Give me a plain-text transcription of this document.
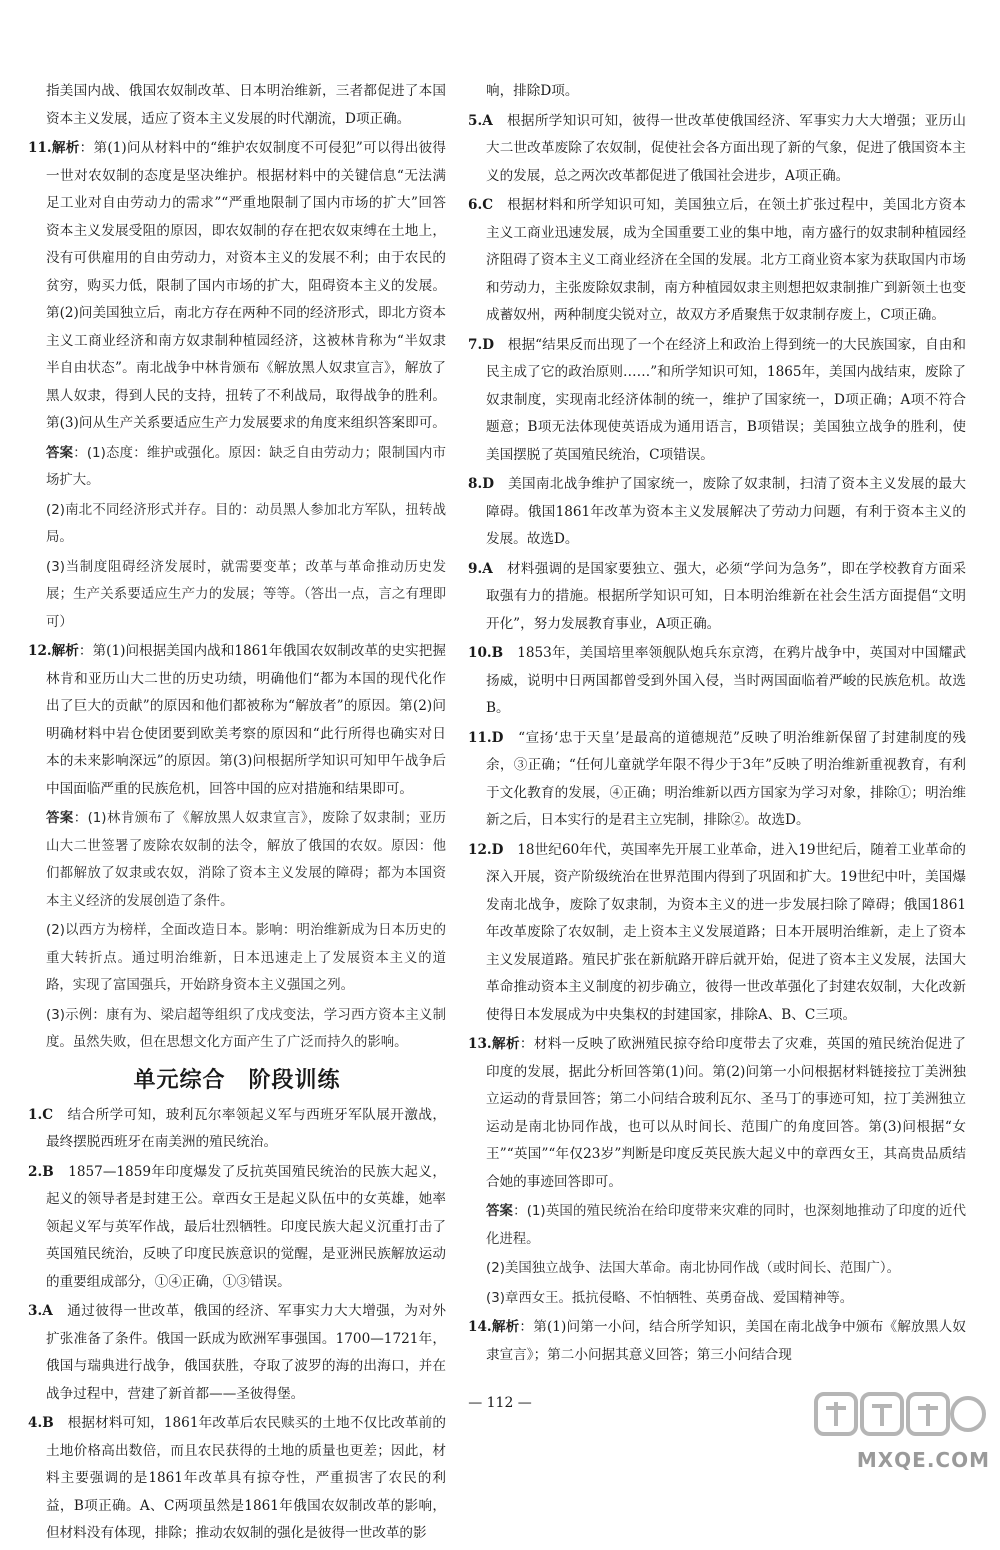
指美国内战、俄国农奴制改革、日本明治维新，三者都促进了本国资本主义发展，适应了资本主义发展的时代潮流，D项正确。

11.解析：第(1)问从材料中的“维护农奴制度不可侵犯”可以得出彼得一世对农奴制的态度是坚决维护。根据材料中的关键信息“无法满足工业对自由劳动力的需求”“严重地限制了国内市场的扩大”回答资本主义发展受阻的原因，即农奴制的存在把农奴束缚在土地上，没有可供雇用的自由劳动力，对资本主义的发展不利；由于农民的贫穷，购买力低，限制了国内市场的扩大，阻碍资本主义的发展。第(2)问美国独立后，南北方存在两种不同的经济形式，即北方资本主义工商业经济和南方奴隶制种植园经济，这被林肯称为“半奴隶半自由状态”。南北战争中林肯颁布《解放黑人奴隶宣言》，解放了黑人奴隶，得到人民的支持，扭转了不利战局，取得战争的胜利。第(3)问从生产关系要适应生产力发展要求的角度来组织答案即可。
答案：(1)态度：维护或强化。原因：缺乏自由劳动力；限制国内市场扩大。
(2)南北不同经济形式并存。目的：动员黑人参加北方军队，扭转战局。
(3)当制度阻碍经济发展时，就需要变革；改革与革命推动历史发展；生产关系要适应生产力的发展；等等。（答出一点，言之有理即可）
12.解析：第(1)问根据美国内战和1861年俄国农奴制改革的史实把握林肯和亚历山大二世的历史功绩，明确他们“都为本国的现代化作出了巨大的贡献”的原因和他们都被称为“解放者”的原因。第(2)问明确材料中岩仓使团要到欧美考察的原因和“此行所得也确实对日本的未来影响深远”的原因。第(3)问根据所学知识可知甲午战争后中国面临严重的民族危机，回答中国的应对措施和结果即可。
答案：(1)林肯颁布了《解放黑人奴隶宣言》，废除了奴隶制；亚历山大二世签署了废除农奴制的法令，解放了俄国的农奴。原因：他们都解放了奴隶或农奴，消除了资本主义发展的障碍；都为本国资本主义经济的发展创造了条件。
(2)以西方为榜样，全面改造日本。影响：明治维新成为日本历史的重大转折点。通过明治维新，日本迅速走上了发展资本主义的道路，实现了富国强兵，开始跻身资本主义强国之列。
(3)示例：康有为、梁启超等组织了戊戌变法，学习西方资本主义制度。虽然失败，但在思想文化方面产生了广泛而持久的影响。
单元综合　阶段训练
1.C　 结合所学可知，玻利瓦尔率领起义军与西班牙军队展开激战，最终摆脱西班牙在南美洲的殖民统治。
2.B　 1857—1859年印度爆发了反抗英国殖民统治的民族大起义，起义的领导者是封建王公。章西女王是起义队伍中的女英雄，她率领起义军与英军作战，最后壮烈牺牲。印度民族大起义沉重打击了英国殖民统治，反映了印度民族意识的觉醒，是亚洲民族解放运动的重要组成部分，①④正确，①③错误。
3.A　 通过彼得一世改革，俄国的经济、军事实力大大增强，为对外扩张准备了条件。俄国一跃成为欧洲军事强国。1700—1721年，俄国与瑞典进行战争，俄国获胜，夺取了波罗的海的出海口，并在战争过程中，营建了新首都——圣彼得堡。
4.B　 根据材料可知，1861年改革后农民赎买的土地不仅比改革前的土地价格高出数倍，而且农民获得的土地的质量也更差；因此，材料主要强调的是1861年改革具有掠夺性，严重损害了农民的利益，B项正确。A、C两项虽然是1861年俄国农奴制改革的影响，但材料没有体现，排除；推动农奴制的强化是彼得一世改革的影

响，排除D项。

5.A　 根据所学知识可知，彼得一世改革使俄国经济、军事实力大大增强；亚历山大二世改革废除了农奴制，促使社会各方面出现了新的气象，促进了俄国资本主义的发展，总之两次改革都促进了俄国社会进步，A项正确。
6.C　 根据材料和所学知识可知，美国独立后，在领土扩张过程中，美国北方资本主义工商业迅速发展，成为全国重要工业的集中地，南方盛行的奴隶制种植园经济阻碍了资本主义工商业经济在全国的发展。北方工商业资本家为获取国内市场和劳动力，主张废除奴隶制，南方种植园奴隶主则想把奴隶制推广到新领土也变成蓄奴州，两种制度尖锐对立，故双方矛盾聚焦于奴隶制存废上，C项正确。
7.D　 根据“结果反而出现了一个在经济上和政治上得到统一的大民族国家，自由和民主成了它的政治原则……”和所学知识可知，1865年，美国内战结束，废除了奴隶制度，实现南北经济体制的统一，维护了国家统一，D项正确；A项不符合题意；B项无法体现使英语成为通用语言，B项错误；美国独立战争的胜利，使美国摆脱了英国殖民统治，C项错误。
8.D　 美国南北战争维护了国家统一，废除了奴隶制，扫清了资本主义发展的最大障碍。俄国1861年改革为资本主义发展解决了劳动力问题，有利于资本主义的发展。故选D。
9.A　 材料强调的是国家要独立、强大，必须“学问为急务”，即在学校教育方面采取强有力的措施。根据所学知识可知，日本明治维新在社会生活方面提倡“文明开化”，努力发展教育事业，A项正确。
10.B　 1853年，美国培里率领舰队炮兵东京湾，在鸦片战争中，英国对中国耀武扬威，说明中日两国都曾受到外国入侵，当时两国面临着严峻的民族危机。故选B。
11.D　 “宣扬‘忠于天皇’是最高的道德规范”反映了明治维新保留了封建制度的残余，③正确；“任何儿童就学年限不得少于3年”反映了明治维新重视教育，有利于文化教育的发展，④正确；明治维新以西方国家为学习对象，排除①；明治维新之后，日本实行的是君主立宪制，排除②。故选D。
12.D　 18世纪60年代，英国率先开展工业革命，进入19世纪后，随着工业革命的深入开展，资产阶级统治在世界范围内得到了巩固和扩大。19世纪中叶，美国爆发南北战争，废除了奴隶制，为资本主义的进一步发展扫除了障碍；俄国1861年改革废除了农奴制，走上资本主义发展道路；日本开展明治维新，走上了资本主义发展道路。殖民扩张在新航路开辟后就开始，促进了资本主义发展，法国大革命推动资本主义制度的初步确立，彼得一世改革强化了封建农奴制，大化改新使得日本发展成为中央集权的封建国家，排除A、B、C三项。
13.解析：材料一反映了欧洲殖民掠夺给印度带去了灾难，英国的殖民统治促进了印度的发展，据此分析回答第(1)问。第(2)问第一小问根据材料链接拉丁美洲独立运动的背景回答；第二小问结合玻利瓦尔、圣马丁的事迹可知，拉丁美洲独立运动是南北协同作战，也可以从时间长、范围广的角度回答。第(3)问根据“女王”“英国”“年仅23岁”判断是印度反英民族大起义中的章西女王，其高贵品质结合她的事迹回答即可。
答案：(1)英国的殖民统治在给印度带来灾难的同时，也深刻地推动了印度的近代化进程。
(2)美国独立战争、法国大革命。南北协同作战（或时间长、范围广）。
(3)章西女王。抵抗侵略、不怕牺牲、英勇奋战、爱国精神等。
14.解析：第(1)问第一小问，结合所学知识，美国在南北战争中颁布《解放黑人奴隶宣言》；第二小问据其意义回答；第三小问结合现
— 112 —
MXQE.COM
